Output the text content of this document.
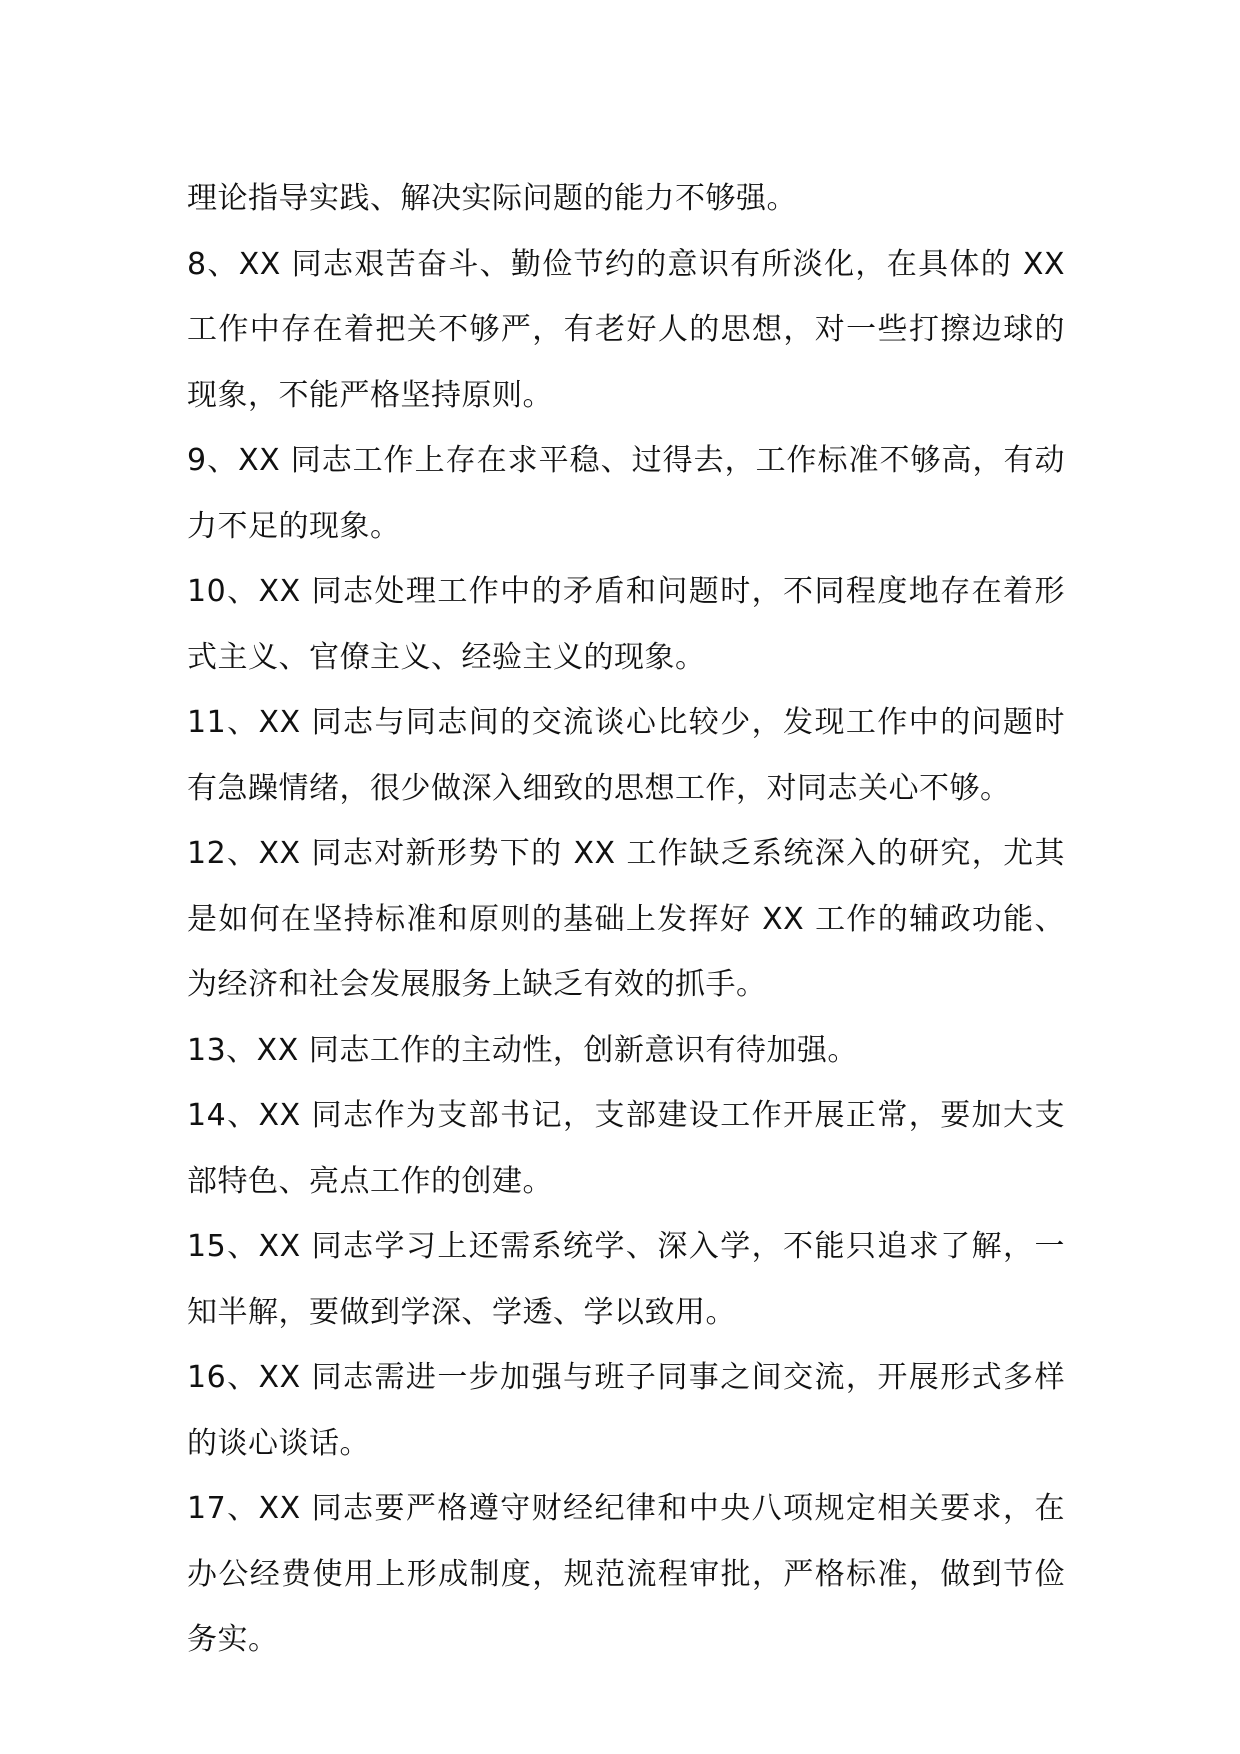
理论指导实践、解决实际问题的能力不够强。

8、XX 同志艰苦奋斗、勤俭节约的意识有所淡化，在具体的 XX 工作中存在着把关不够严，有老好人的思想，对一些打擦边球的现象，不能严格坚持原则。

9、XX 同志工作上存在求平稳、过得去，工作标准不够高，有动力不足的现象。

10、XX 同志处理工作中的矛盾和问题时，不同程度地存在着形式主义、官僚主义、经验主义的现象。

11、XX 同志与同志间的交流谈心比较少，发现工作中的问题时有急躁情绪，很少做深入细致的思想工作，对同志关心不够。

12、XX 同志对新形势下的 XX 工作缺乏系统深入的研究，尤其是如何在坚持标准和原则的基础上发挥好 XX 工作的辅政功能、为经济和社会发展服务上缺乏有效的抓手。

13、XX 同志工作的主动性，创新意识有待加强。

14、XX 同志作为支部书记，支部建设工作开展正常，要加大支部特色、亮点工作的创建。

15、XX 同志学习上还需系统学、深入学，不能只追求了解，一知半解，要做到学深、学透、学以致用。

16、XX 同志需进一步加强与班子同事之间交流，开展形式多样的谈心谈话。

17、XX 同志要严格遵守财经纪律和中央八项规定相关要求，在办公经费使用上形成制度，规范流程审批，严格标准，做到节俭务实。
